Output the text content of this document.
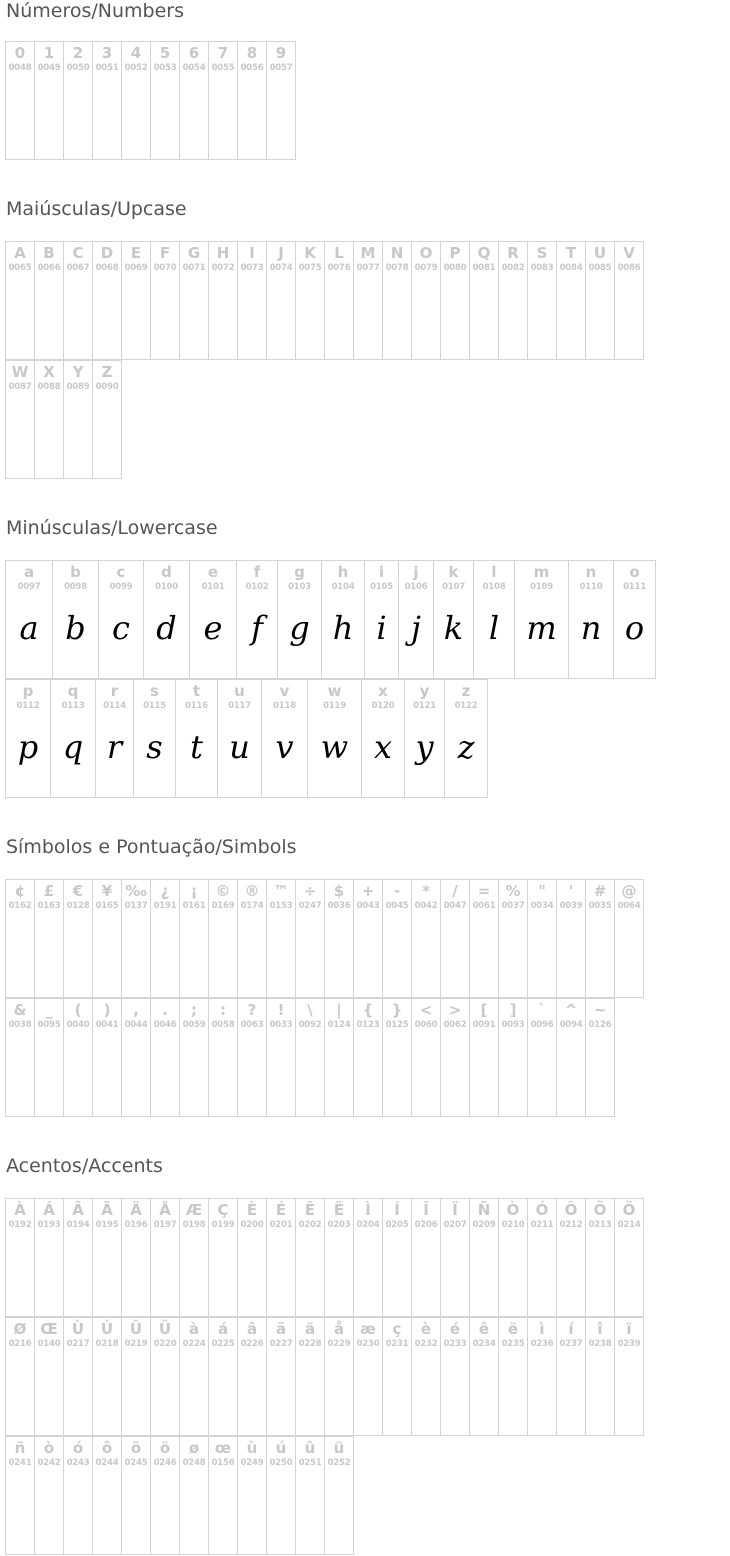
Números/Numbers
0
0048
1
0049
2
0050
3
0051
4
0052
5
0053
6
0054
7
0055
8
0056
9
0057
Maiúsculas/Upcase
A
0065
B
0066
C
0067
D
0068
E
0069
F
0070
G
0071
H
0072
I
0073
J
0074
K
0075
L
0076
M
0077
N
0078
O
0079
P
0080
Q
0081
R
0082
S
0083
T
0084
U
0085
V
0086
W
0087
X
0088
Y
0089
Z
0090
Minúsculas/Lowercase
a
0097
a
b
0098
b
c
0099
c
d
0100
d
e
0101
e
f
0102
f
g
0103
g
h
0104
h
i
0105
i
j
0106
j
k
0107
k
l
0108
l
m
0109
m
n
0110
n
o
0111
o
p
0112
p
q
0113
q
r
0114
r
s
0115
s
t
0116
t
u
0117
u
v
0118
v
w
0119
w
x
0120
x
y
0121
y
z
0122
z
Símbolos e Pontuação/Simbols
¢
0162
£
0163
€
0128
¥
0165
‰
0137
¿
0191
¡
0161
©
0169
®
0174
™
0153
÷
0247
$
0036
+
0043
-
0045
*
0042
/
0047
=
0061
%
0037
"
0034
'
0039
#
0035
@
0064
&
0038
_
0095
(
0040
)
0041
,
0044
.
0046
;
0059
:
0058
?
0063
!
0033
\
0092
|
0124
{
0123
}
0125
<
0060
>
0062
[
0091
]
0093
`
0096
^
0094
~
0126
Acentos/Accents
À
0192
Á
0193
Â
0194
Ã
0195
Ä
0196
Å
0197
Æ
0198
Ç
0199
È
0200
É
0201
Ê
0202
Ë
0203
Ì
0204
Í
0205
Î
0206
Ï
0207
Ñ
0209
Ò
0210
Ó
0211
Ô
0212
Õ
0213
Ö
0214
Ø
0216
Œ
0140
Ù
0217
Ú
0218
Û
0219
Ü
0220
à
0224
á
0225
â
0226
ã
0227
ä
0228
å
0229
æ
0230
ç
0231
è
0232
é
0233
ê
0234
ë
0235
ì
0236
í
0237
î
0238
ï
0239
ñ
0241
ò
0242
ó
0243
ô
0244
õ
0245
ö
0246
ø
0248
œ
0156
ù
0249
ú
0250
û
0251
ü
0252
